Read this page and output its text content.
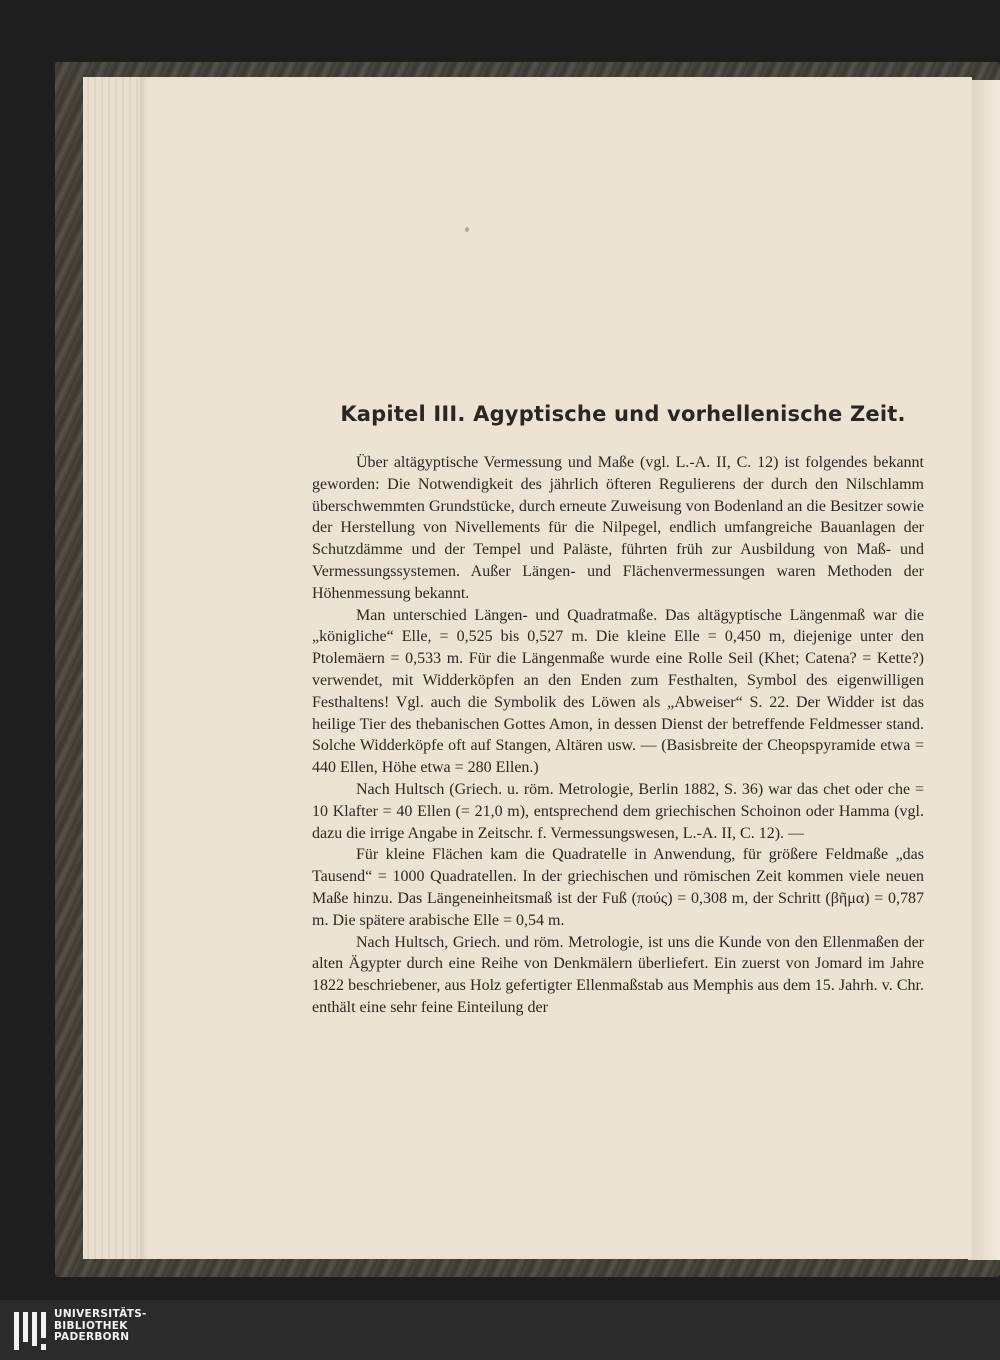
Kapitel III. Agyptische und vorhellenische Zeit.

Über altägyptische Vermessung und Maße (vgl. L.-A. II, C. 12) ist folgendes bekannt geworden: Die Notwendigkeit des jährlich öfteren Regulierens der durch den Nilschlamm überschwemmten Grundstücke, durch erneute Zuweisung von Bodenland an die Besitzer sowie der Herstellung von Nivellements für die Nilpegel, endlich umfangreiche Bauanlagen der Schutzdämme und der Tempel und Paläste, führten früh zur Ausbildung von Maß- und Vermessungssystemen. Außer Längen- und Flächenvermessungen waren Methoden der Höhenmessung bekannt.

Man unterschied Längen- und Quadratmaße. Das altägyptische Längenmaß war die „königliche“ Elle, = 0,525 bis 0,527 m. Die kleine Elle = 0,450 m, diejenige unter den Ptolemäern = 0,533 m. Für die Längenmaße wurde eine Rolle Seil (Khet; Catena? = Kette?) verwendet, mit Widderköpfen an den Enden zum Festhalten, Symbol des eigenwilligen Festhaltens! Vgl. auch die Symbolik des Löwen als „Abweiser“ S. 22. Der Widder ist das heilige Tier des thebanischen Gottes Amon, in dessen Dienst der betreffende Feldmesser stand. Solche Widderköpfe oft auf Stangen, Altären usw. — (Basisbreite der Cheopspyramide etwa = 440 Ellen, Höhe etwa = 280 Ellen.)

Nach Hultsch (Griech. u. röm. Metrologie, Berlin 1882, S. 36) war das chet oder che = 10 Klafter = 40 Ellen (= 21,0 m), entsprechend dem griechischen Schoinon oder Hamma (vgl. dazu die irrige Angabe in Zeitschr. f. Vermessungswesen, L.-A. II, C. 12). —

Für kleine Flächen kam die Quadratelle in Anwendung, für größere Feldmaße „das Tausend“ = 1000 Quadratellen. In der griechischen und römischen Zeit kommen viele neuen Maße hinzu. Das Längeneinheitsmaß ist der Fuß (πούς) = 0,308 m, der Schritt (βῆμα) = 0,787 m. Die spätere arabische Elle = 0,54 m.

Nach Hultsch, Griech. und röm. Metrologie, ist uns die Kunde von den Ellenmaßen der alten Ägypter durch eine Reihe von Denkmälern überliefert. Ein zuerst von Jomard im Jahre 1822 beschriebener, aus Holz gefertigter Ellenmaßstab aus Memphis aus dem 15. Jahrh. v. Chr. enthält eine sehr feine Einteilung der

UNIVERSITÄTS-
BIBLIOTHEK
PADERBORN
